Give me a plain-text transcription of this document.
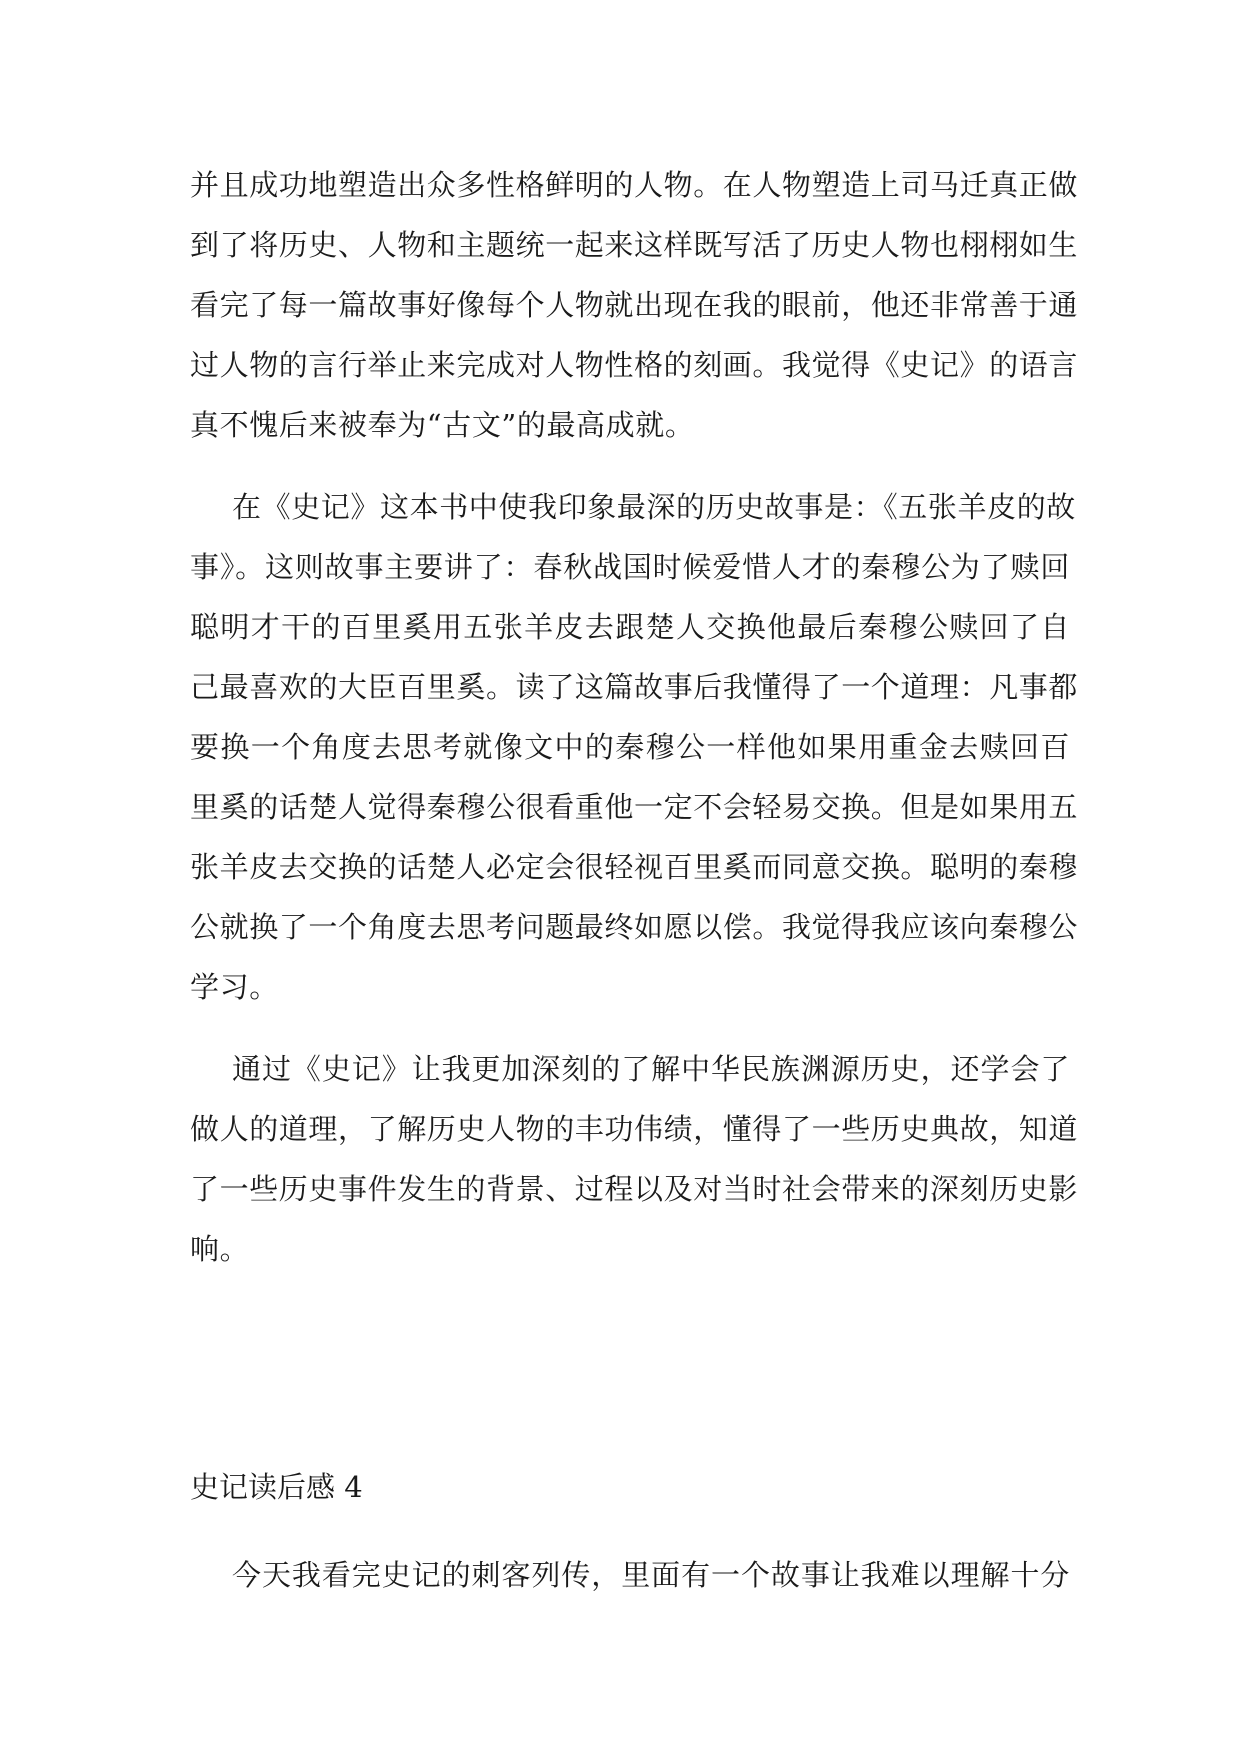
并且成功地塑造出众多性格鲜明的人物。在人物塑造上司马迁真正做
到了将历史、人物和主题统一起来这样既写活了历史人物也栩栩如生
看完了每一篇故事好像每个人物就出现在我的眼前，他还非常善于通
过人物的言行举止来完成对人物性格的刻画。我觉得《史记》的语言
真不愧后来被奉为“古文”的最高成就。
在《史记》这本书中使我印象最深的历史故事是：《五张羊皮的故
事》。这则故事主要讲了：春秋战国时候爱惜人才的秦穆公为了赎回
聪明才干的百里奚用五张羊皮去跟楚人交换他最后秦穆公赎回了自
己最喜欢的大臣百里奚。读了这篇故事后我懂得了一个道理：凡事都
要换一个角度去思考就像文中的秦穆公一样他如果用重金去赎回百
里奚的话楚人觉得秦穆公很看重他一定不会轻易交换。但是如果用五
张羊皮去交换的话楚人必定会很轻视百里奚而同意交换。聪明的秦穆
公就换了一个角度去思考问题最终如愿以偿。我觉得我应该向秦穆公
学习。
通过《史记》让我更加深刻的了解中华民族渊源历史，还学会了
做人的道理，了解历史人物的丰功伟绩，懂得了一些历史典故，知道
了一些历史事件发生的背景、过程以及对当时社会带来的深刻历史影
响。
史记读后感 4
今天我看完史记的刺客列传，里面有一个故事让我难以理解十分
